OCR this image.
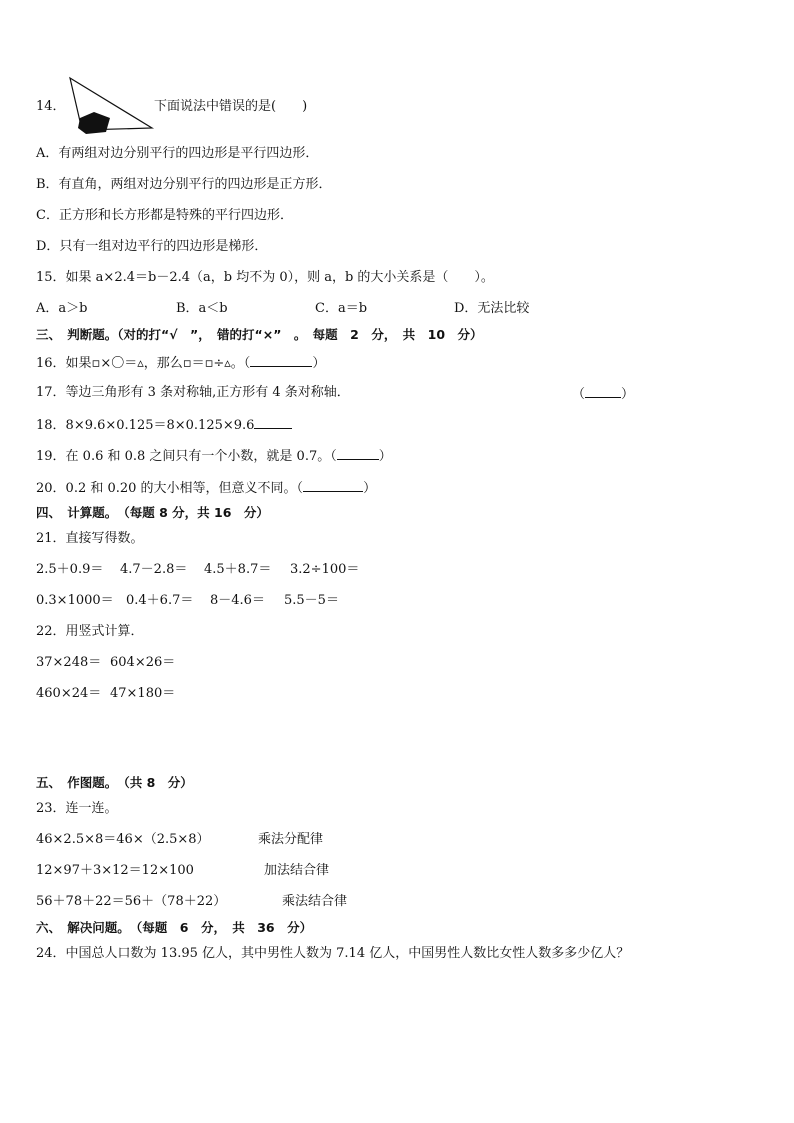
14．	下面说法中错误的是(　　)
A．有两组对边分别平行的四边形是平行四边形．
B．有直角，两组对边分别平行的四边形是正方形．
C．正方形和长方形都是特殊的平行四边形．
D．只有一组对边平行的四边形是梯形．
15．如果 a×2.4＝b－2.4（a，b 均不为 0），则 a，b 的大小关系是（　　）。
A．a＞b	B．a＜b	C．a＝b	D．无法比较
三、　判断题。（对的打“√　”，　错的打“×”　。　每题　2　分，　共　10　分）
16．如果▫×〇＝▵，那么▫＝▫÷▵。（	）
17．等边三角形有 3 条对称轴,正方形有 4 条对称轴．	（	）
18．8×9.6×0.125＝8×0.125×9.6
19．在 0.6 和 0.8 之间只有一个小数，就是 0.7。（	）
20．0.2 和 0.20 的大小相等，但意义不同。（	）
四、　计算题。　（每题 8 分，共 16　分）
21．直接写得数。
2.5＋0.9＝ 4.7－2.8＝ 4.5＋8.7＝ 3.2÷100＝
0.3×1000＝ 0.4＋6.7＝ 8－4.6＝ 5.5－5＝
22．用竖式计算．
37×248＝ 604×26＝
460×24＝ 47×180＝
五、　作图题。　（共 8　分）
23．连一连。
46×2.5×8＝46×（2.5×8）	乘法分配律
12×97＋3×12＝12×100	加法结合律
56＋78＋22＝56＋（78＋22）	乘法结合律
六、　解决问题。　（每题　6　分，　共　36　分）
24．中国总人口数为 13.95 亿人，其中男性人数为 7.14 亿人，中国男性人数比女性人数多多少亿人？
